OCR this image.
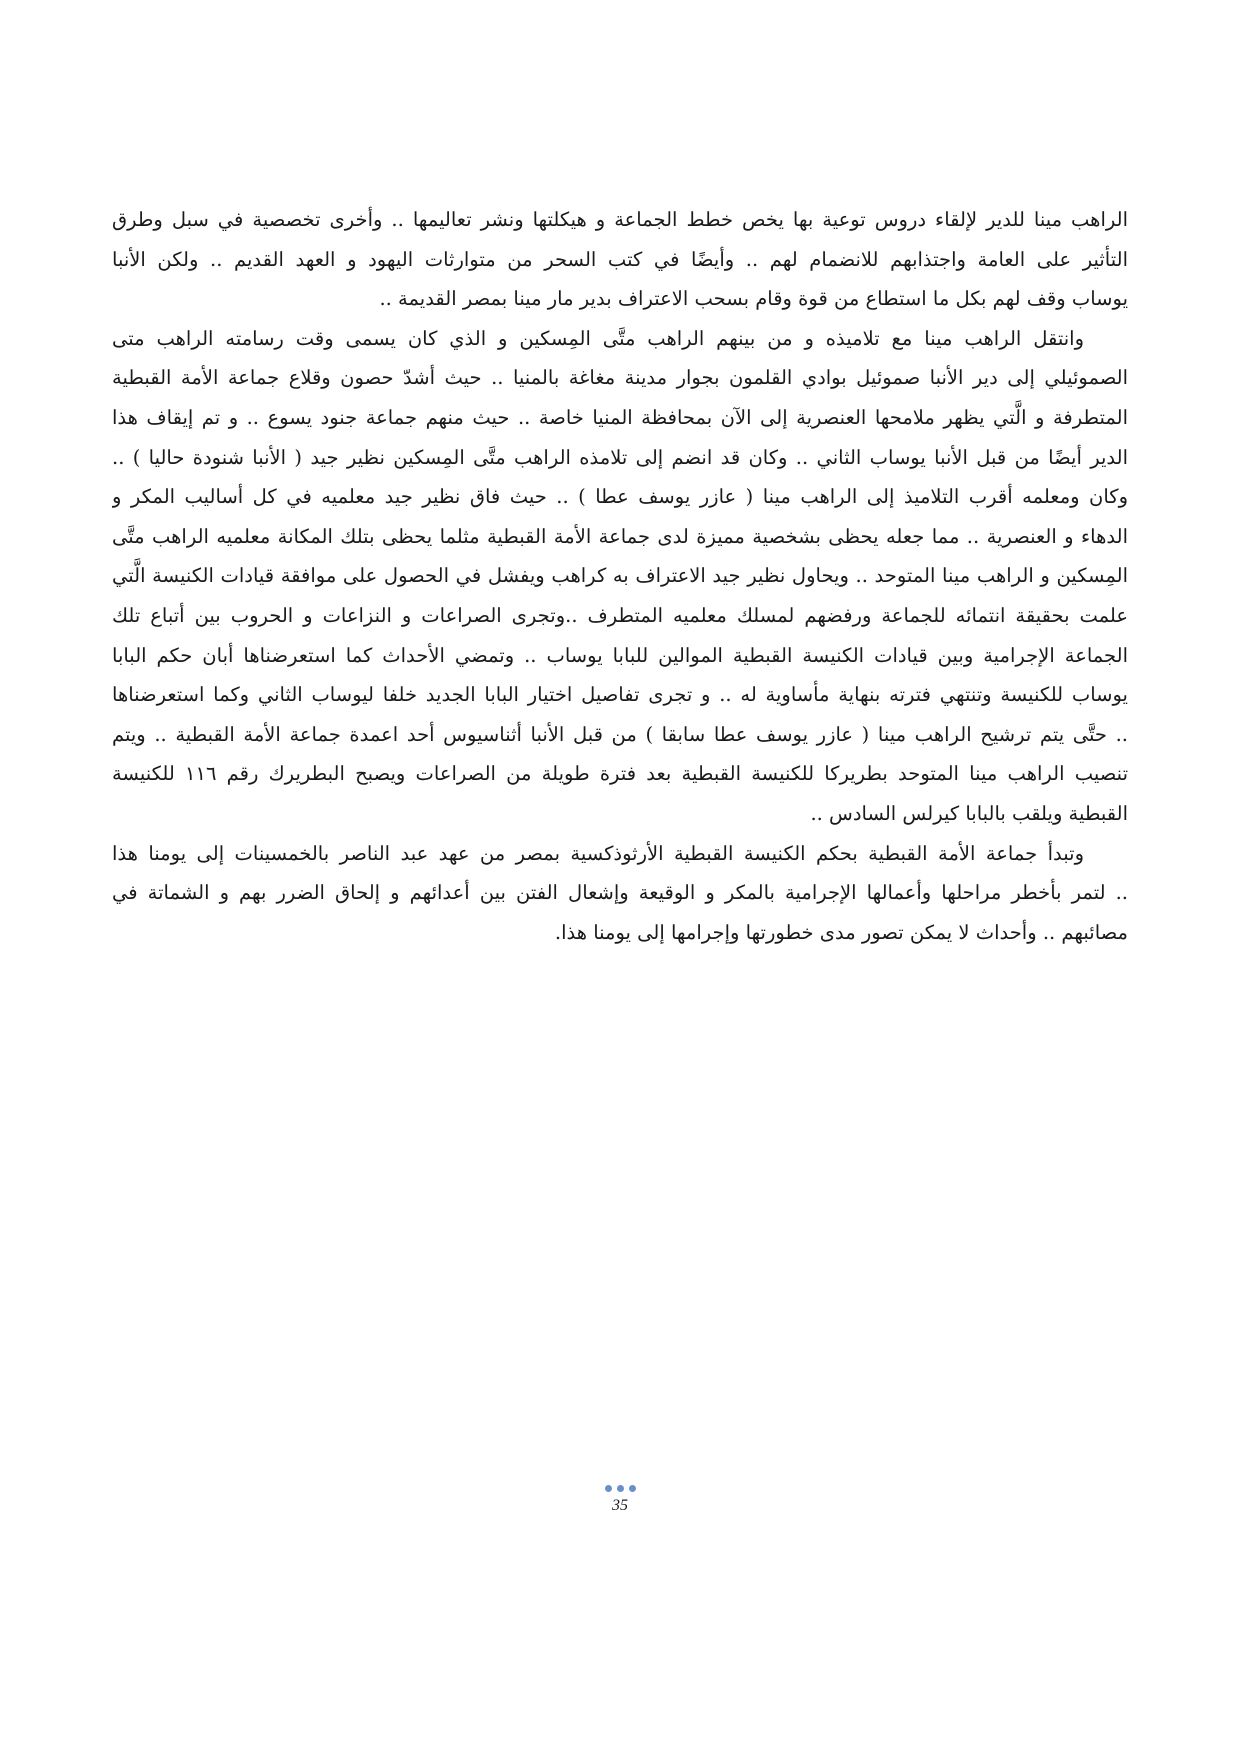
الراهب مينا للدير لإلقاء دروس توعية بها يخص خطط الجماعة و هيكلتها ونشر تعاليمها .. وأخرى تخصصية في سبل وطرق
التأثير على العامة واجتذابهم للانضمام لهم .. وأيضًا في كتب السحر من متوارثات اليهود و العهد القديم .. ولكن الأنبا
يوساب وقف لهم بكل ما استطاع من قوة وقام بسحب الاعتراف بدير مار مينا بمصر القديمة ..
وانتقل الراهب مينا مع تلاميذه و من بينهم الراهب متَّى المِسكين و الذي كان يسمى وقت رسامته الراهب متى
الصموئيلي إلى دير الأنبا صموئيل بوادي القلمون بجوار مدينة مغاغة بالمنيا .. حيث أشدّ حصون وقلاع جماعة الأمة القبطية
المتطرفة و الَّتي يظهر ملامحها العنصرية إلى الآن بمحافظة المنيا خاصة .. حيث منهم جماعة جنود يسوع .. و تم إيقاف هذا
الدير أيضًا من قبل الأنبا يوساب الثاني .. وكان قد انضم إلى تلامذه الراهب متَّى المِسكين نظير جيد ( الأنبا شنودة حاليا ) ..
وكان ومعلمه أقرب التلاميذ إلى الراهب مينا ( عازر يوسف عطا ) .. حيث فاق نظير جيد معلميه في كل أساليب المكر و
الدهاء و العنصرية .. مما جعله يحظى بشخصية مميزة لدى جماعة الأمة القبطية مثلما يحظى بتلك المكانة معلميه الراهب متَّى
المِسكين و الراهب مينا المتوحد .. ويحاول نظير جيد الاعتراف به كراهب ويفشل في الحصول على موافقة قيادات الكنيسة الَّتي
علمت بحقيقة انتمائه للجماعة ورفضهم لمسلك معلميه المتطرف ..وتجرى الصراعات و النزاعات و الحروب بين أتباع تلك
الجماعة الإجرامية وبين قيادات الكنيسة القبطية الموالين للبابا يوساب .. وتمضي الأحداث كما استعرضناها أبان حكم البابا
يوساب للكنيسة وتنتهي فترته بنهاية مأساوية له .. و تجرى تفاصيل اختيار البابا الجديد خلفا ليوساب الثاني وكما استعرضناها
.. حتَّى يتم ترشيح الراهب مينا ( عازر يوسف عطا سابقا ) من قبل الأنبا أثناسيوس أحد اعمدة جماعة الأمة القبطية .. ويتم
تنصيب الراهب مينا المتوحد بطريركا للكنيسة القبطية بعد فترة طويلة من الصراعات ويصبح البطريرك رقم ١١٦ للكنيسة
القبطية ويلقب بالبابا كيرلس السادس ..
وتبدأ جماعة الأمة القبطية بحكم الكنيسة القبطية الأرثوذكسية بمصر من عهد عبد الناصر بالخمسينات إلى يومنا هذا
.. لتمر بأخطر مراحلها وأعمالها الإجرامية بالمكر و الوقيعة وإشعال الفتن بين أعدائهم و إلحاق الضرر بهم و الشماتة في
مصائبهم .. وأحداث لا يمكن تصور مدى خطورتها وإجرامها إلى يومنا هذا.
35
